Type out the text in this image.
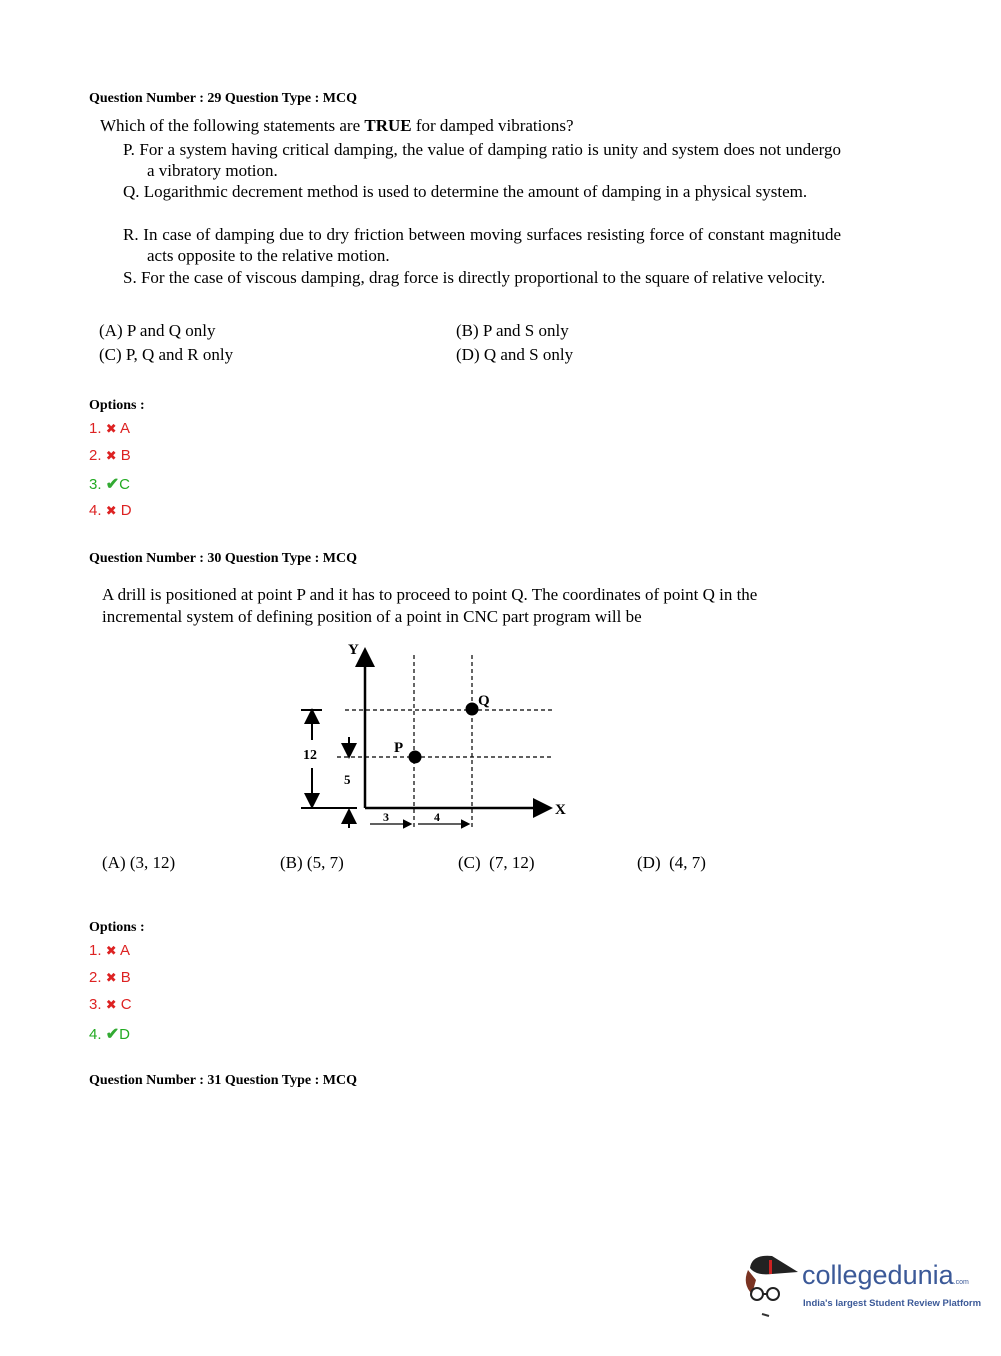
Question Number : 29 Question Type : MCQ
Which of the following statements are TRUE for damped vibrations?
P. For a system having critical damping, the value of damping ratio is unity and system does not undergo a vibratory motion.
Q. Logarithmic decrement method is used to determine the amount of damping in a physical system.
R. In case of damping due to dry friction between moving surfaces resisting force of constant magnitude acts opposite to the relative motion.
S. For the case of viscous damping, drag force is directly proportional to the square of relative velocity.
(A) P and Q only	(B) P and S only
(C) P, Q and R only	(D) Q and S only
Options :
1. ✖ A
2. ✖ B
3. ✔C
4. ✖ D
Question Number : 30 Question Type : MCQ
A drill is positioned at point P and it has to proceed to point Q. The coordinates of point Q in the
incremental system of defining position of a point in CNC part program will be
Y
X
P
Q
12
5
3	4
(A) (3, 12)	(B) (5, 7)	(C)  (7, 12)	(D)  (4, 7)
Options :
1. ✖ A
2. ✖ B
3. ✖ C
4. ✔D
Question Number : 31 Question Type : MCQ
collegedunia.com
India's largest Student Review Platform
